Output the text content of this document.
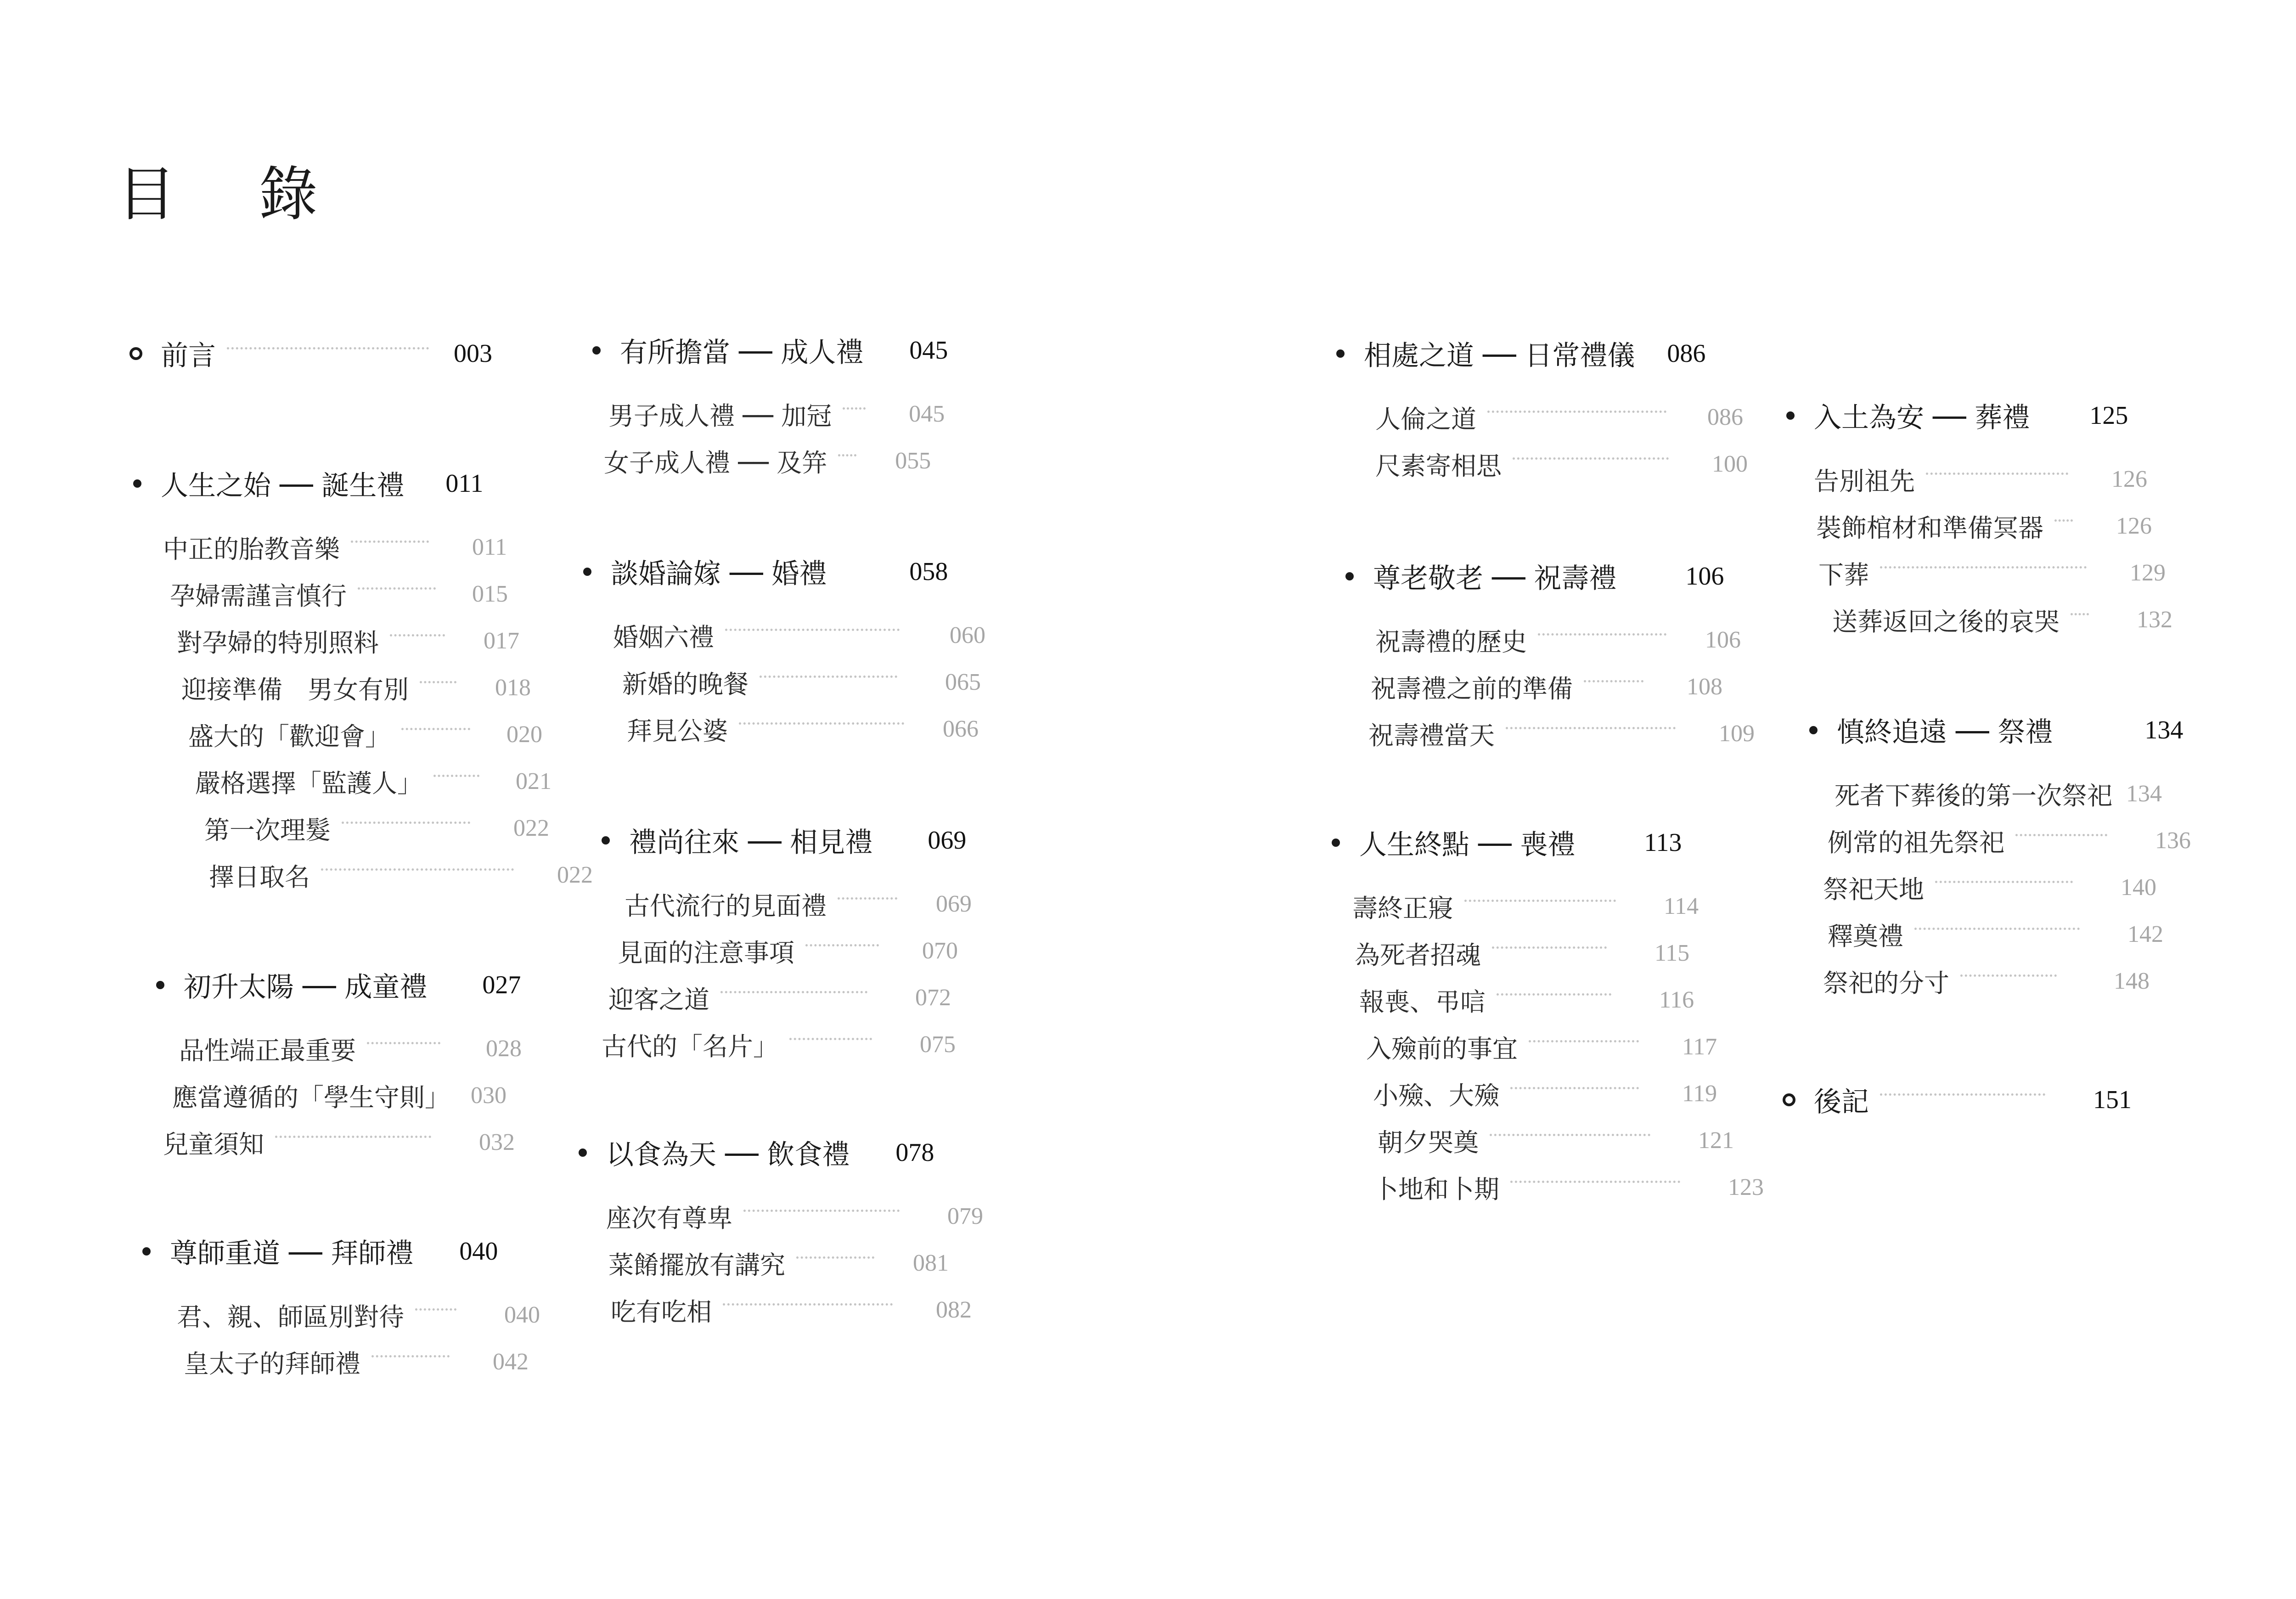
目 錄
前言	003
人生之始 ── 誕生禮 011
中正的胎教音樂	011
孕婦需謹言慎行	015
對孕婦的特別照料	017
迎接準備　男女有別	018
盛大的「歡迎會」	020
嚴格選擇「監護人」	021
第一次理髮	022
擇日取名	022
初升太陽 ── 成童禮 027
品性端正最重要	028
應當遵循的「學生守則」 030
兒童須知	032
尊師重道 ── 拜師禮 040
君、親、師區別對待	040
皇太子的拜師禮	042
有所擔當 ── 成人禮 045
男子成人禮 ── 加冠	045
女子成人禮 ── 及笄	055
談婚論嫁 ── 婚禮	058
婚姻六禮	060
新婚的晚餐	065
拜見公婆	066
禮尚往來 ── 相見禮 069
古代流行的見面禮	069
見面的注意事項	070
迎客之道	072
古代的「名片」	075
以食為天 ── 飲食禮 078
座次有尊卑	079
菜餚擺放有講究	081
吃有吃相	082
相處之道 ── 日常禮儀 086
人倫之道	086
尺素寄相思	100
尊老敬老 ── 祝壽禮	106
祝壽禮的歷史	106
祝壽禮之前的準備	108
祝壽禮當天	109
人生終點 ── 喪禮	113
壽終正寢	114
為死者招魂	115
報喪、弔唁	116
入殮前的事宜	117
小殮、大殮	119
朝夕哭奠	121
卜地和卜期	123
入土為安 ── 葬禮 125
告別祖先	126
裝飾棺材和準備冥器	126
下葬	129
送葬返回之後的哀哭	132
慎終追遠 ── 祭禮	134
死者下葬後的第一次祭祀 134
例常的祖先祭祀	136
祭祀天地	140
釋奠禮	142
祭祀的分寸	148
後記	151
